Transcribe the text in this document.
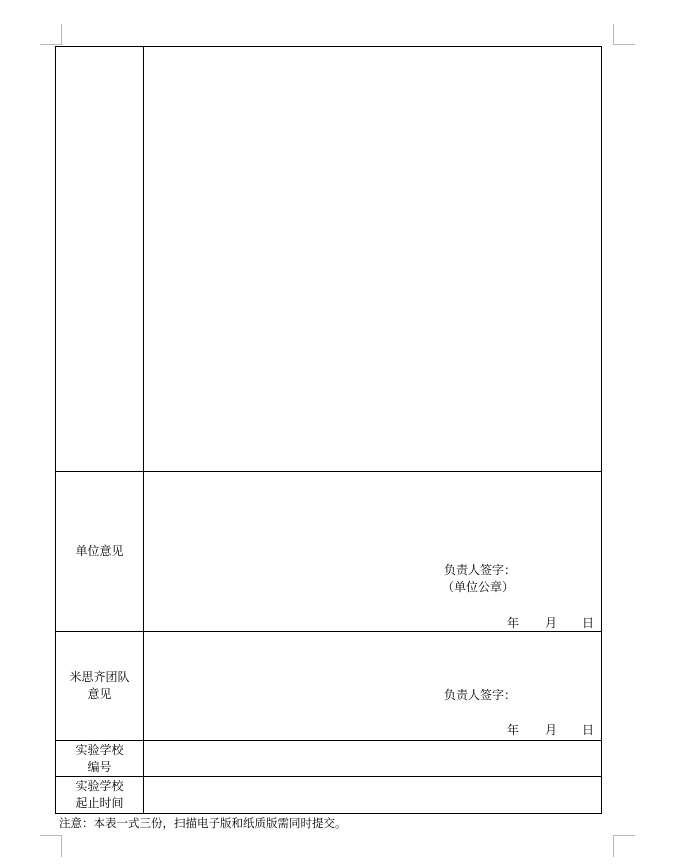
单位意见
负责人签字：
（单位公章）
年 月 日
米思齐团队
意见	负责人签字：
年 月 日
实验学校
编号
实验学校
起止时间
注意：本表一式三份，扫描电子版和纸质版需同时提交。
